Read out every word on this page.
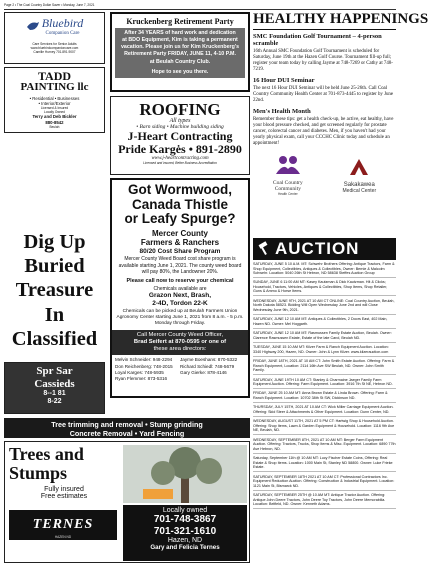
Page 2 • The Coal Country Dollar Saver • Monday, June 7, 2021
Bluebird
Companion Care
Care Services for Senior Adults
www.bluebirdcompanioncare.com
Camille Hurney 701.891.9007
TADD
PAINTING llc
• Residential • Businesses
• Interior/Exterior
Licensed & Insured
Locally Owned
Terry and Deb Bickler
880-8542
Beulah
Kruckenberg Retirement Party
After 34 YEARS of hard work and dedication
at BDO Equipment, Kim is taking a permanent
vacation. Please join us for Kim Kruckenberg's
Retirement Party FRIDAY, JUNE 11, 4-10 P.M.
at Beulah Country Club.
Hope to see you there.
ROOFING
All types
• Barn siding • Machine building siding
J-Heart Contracting
Pride Kargės • 891-2890
www.j-heartcontracting.com
Licensed and insured, Better Business Accreditation
HEALTHY HAPPENINGS
SMC Foundation Golf Tournament – 4-person scramble
16th Annual SMC Foundation Golf Tournament is scheduled for Saturday, June 19th at the Hazen Golf Course. Tournament fill-up full; register your team today by calling Jayme at 748-7269 or Cathy at 748-7219.
16 Hour DUI Seminar
The next 16 Hour DUI Seminar will be held June 25-26th. Call Coal Country Community Health Center at 701-873-4445 to register by June 22nd.
Men's Health Month
Remember these tips: get a health check-up, be active, eat healthy, have your blood pressure checked, and get screened regularly for prostate cancer, colorectal cancer and diabetes. Men, if you haven't had your yearly physical exam, call your CCCHC Clinic today and schedule an appointment!
Coal Country
Community
Health Center
Sakakawea
Medical Center
Got Wormwood,
Canada Thistle
or Leafy Spurge?
Mercer County
Farmers & Ranchers
80/20 Cost Share Program
Mercer County Weed Board cost share program is available starting June 1, 2021. The county weed board will pay 80%, the Landowner 20%.
Please call now to reserve your chemical
Chemicals available are
Grazon Next, Brash,
2-4D, Tordon 22-K
Chemicals can be picked up at Beulah Farmers Union Agronomy Center starting June 1, 2021 from 8 a.m. - 5 p.m. Monday through Friday.
Call Mercer County Weed Officer,
Brad Seifert at 870-0595 or one of
these area directors:
Melvin Schneider: 948-2294	Jayme Boeshans: 870-5322
Don Reichenberg: 748-2015	Richard Schiedl: 748-5679
Loyal Karges: 748-5935	Gary Gierke: 878-4146
Ryan Flemmer: 873-5316
Dig Up
Buried
Treasure
In
Classified
Spr Sar
Cassieds
8--1 81
8-22
AUCTION
SATURDAY, JUNE 5 10 A.M. MT: Schwehr Brothers Offering: Antique Tractors, Farm & Shop Equipment, Collectibles, Antiques & Collectibles, Owner: Bernie & Malcolm Schwehr. Location: 5040 26th St Hebron, ND 58638 Steffes Auction Group
SUNDAY, JUNE 6 11:00 AM MT: Kasey Kautzman & Dick Kautzman. Hit & Clicks; Household, Tractors, Vehicles, Antiques & Collectibles, Shop Items, Shop Retailer, Guns & Ammo & Horse Items.
WEDNESDAY, JUNE 9TH, 2021 AT 10 AM CT ONLINE: Coal Country Auction, Beulah, North Dakota 58523. Bidding Will Open Wednesday June 2nd and will Close Wednesday June 9th, 2021.
SATURDAY, JUNE 12 10 AM MT: Antiques & Collectibles, 2 Doors East, 402 Main, Hazen ND. Owner: Mel Hoggarth.
SATURDAY, JUNE 12 10 AM MT: Rasmussen Family Estate Auction, Beulah. Owner: Clarence Rasmussen Estate, Estate of the late Carol, Beulah ND.
TUESDAY, JUNE 15 10 AM MT: Kilzer Farm & Ranch Equipment Auction. Location: 3340 Highway 200, Hazen, ND. Owner: John & Lynn Kilzer. www.kilzerauction.com
FRIDAY, JUNE 18TH, 2021 AT 10 AM CT: John Smith Estate Auction. Offering: Farm & Ranch Equipment, Location: 2114 16th Ave SW Beulah, ND. Owner: John Smith Family.
SATURDAY, JUNE 19TH 10 AM CT: Stanley & Charmaine Jaeger Family Farm Equipment Auction. Offering: Farm Equipment. Location: 3916 7th St NE, Hebron ND.
FRIDAY, JUNE 25 10 AM MT: Anna Brown Estate & Linda Brown. Offering: Farm & Ranch Equipment. Location: 10702 38th St SW, Dickinson ND.
THURSDAY, JULY 15TH, 2021 AT 10 AM CT: Wick Miller Carriage Equipment Auction. Offering: Skid Steer & Attachments & Other Equipment. Location: Dunn Center, ND.
WEDNESDAY, AUGUST 11TH, 2021 AT 5 PM CT: Hartwig Shop & Household Auction. Offering: Shop Items, Lawn & Garden Equipment & Household. Location: 1116 9th Ave NE, Beulah, ND.
WEDNESDAY, SEPTEMBER 8TH, 2021 AT 10 AM MT: Berger Farm Equipment Auction. Offering: Tractors, Trucks, Shop Items & Misc. Equipment. Location: 6890 77th Ave Hebron, ND.
Saturday, September 11th @ 10 AM MT: Lucy Fischer Estate Coins, Offering: Real Estate & Shop Items. Location: 1000 Main St, Stanley ND 58800. Owner: Luke Frieke Estate.
SATURDAY, SEPTEMBER 18TH 2021 AT 10 AM CT: Professional Contractors Inc. Equipment Reduction Auction. Offering: Construction & Industrial Equipment. Location: 1121 Main St, Bismarck ND.
SATURDAY, SEPTEMBER 25TH @ 10 AM MT: Antique Tractor Auction. Offering: Antique John Deere Tractors, John Deere Toy Tractors, John Deere Memorabilia. Location: Belfield, ND. Owner: Kenneth Adams.
Tree trimming and removal • Stump grinding
Concrete Removal • Yard Fencing
Trees and
Stumps
Fully insured
Free estimates
TERNES
HAZEN ND
Locally owned
701-748-3867
701-321-1610
Hazen, ND
Gary and Felicia Ternes
